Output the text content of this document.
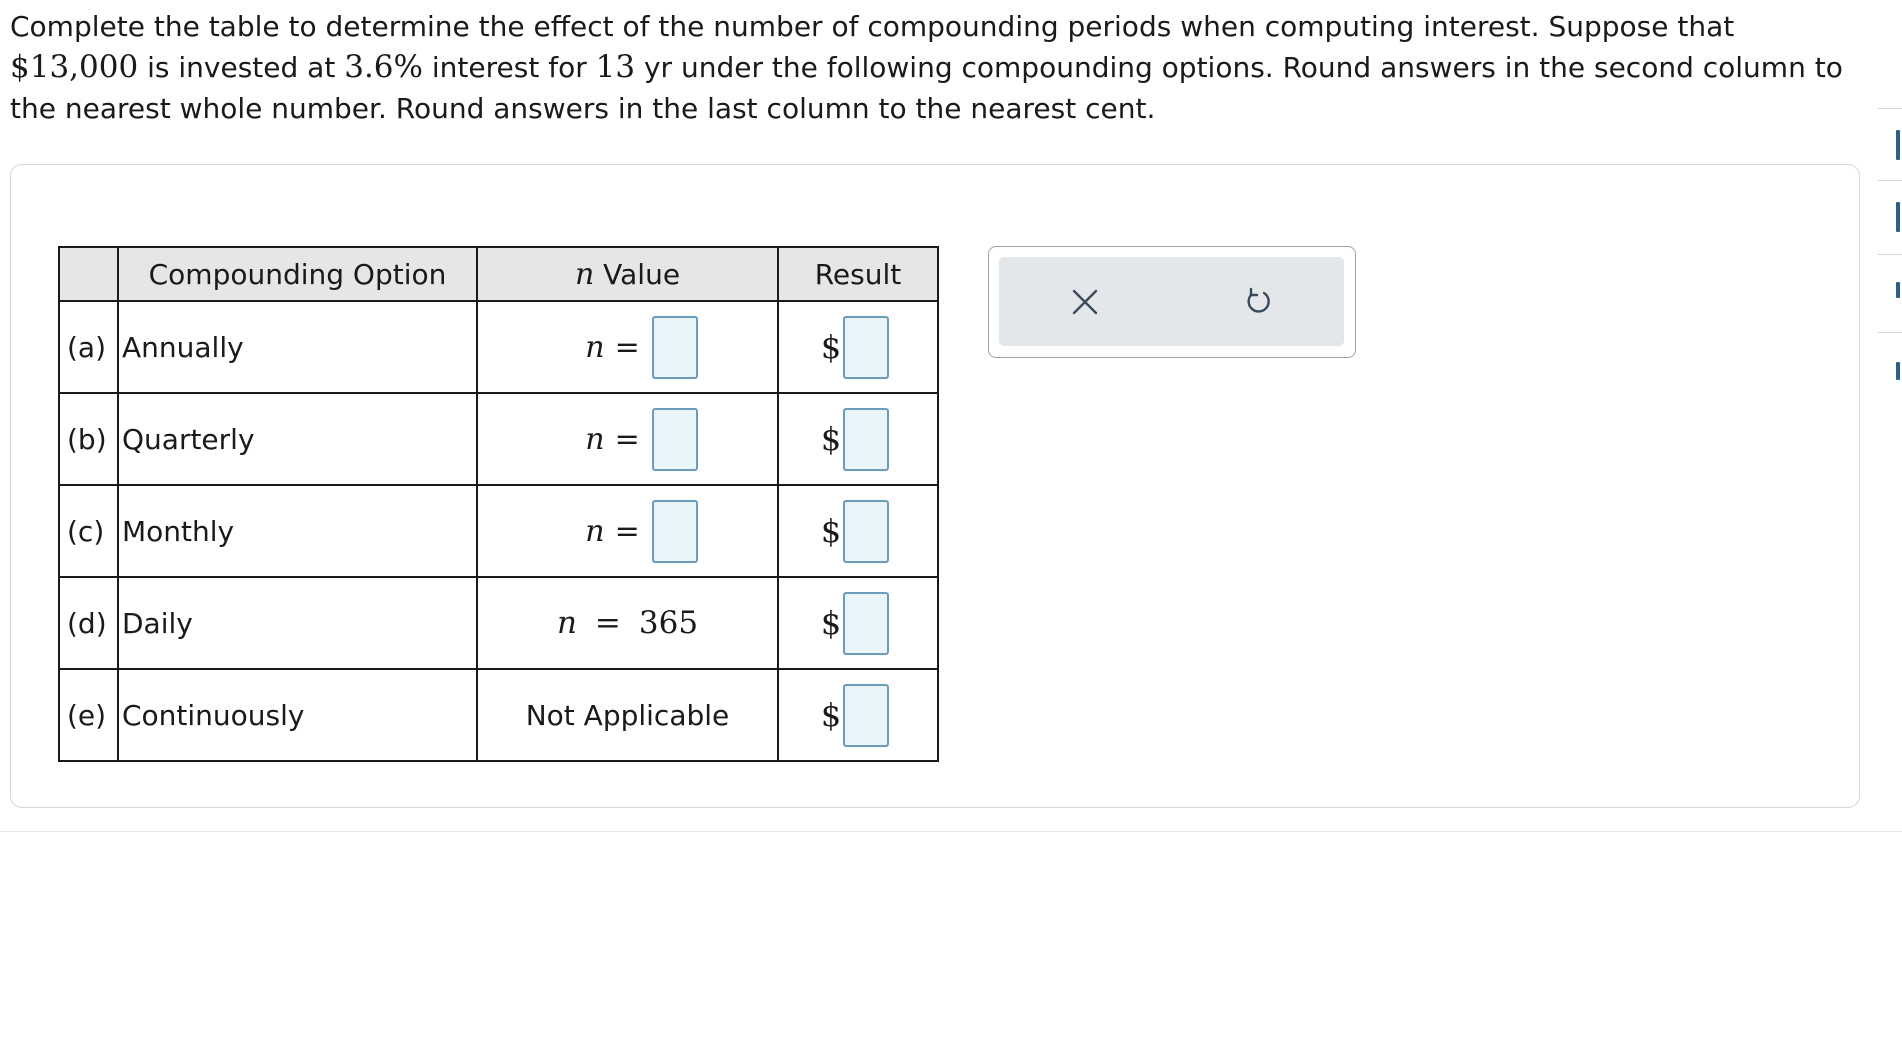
Complete the table to determine the effect of the number of compounding periods when computing interest. Suppose that
$13,000 is invested at 3.6% interest for 13 yr under the following compounding options. Round answers in the second column to the nearest whole number. Round answers in the last column to the nearest cent.

	Compounding Option	n Value	Result
(a)	Annually	n =	$

(b)	Quarterly	n =	$

(c)	Monthly	n =	$

(d)	Daily	n = 365	$

(e)	Continuously	Not Applicable	$
